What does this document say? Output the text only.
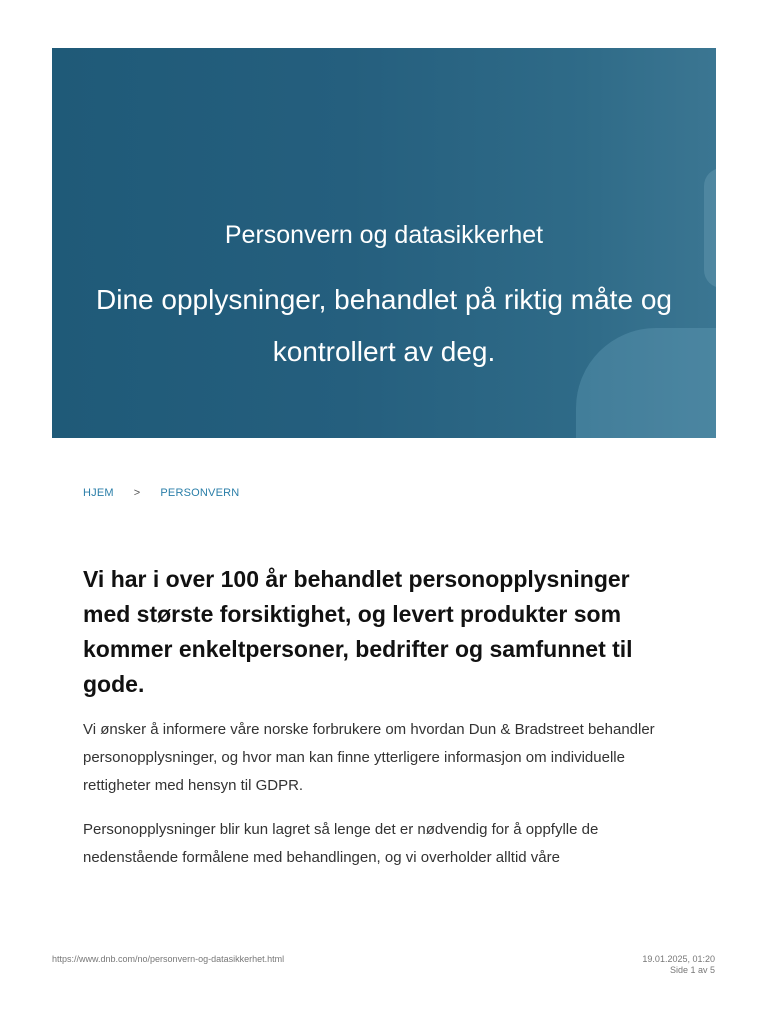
Personvern og datasikkerhet
Dine opplysninger, behandlet på riktig måte og kontrollert av deg.
HJEM > PERSONVERN
Vi har i over 100 år behandlet personopplysninger med største forsiktighet, og levert produkter som kommer enkeltpersoner, bedrifter og samfunnet til gode.

Vi ønsker å informere våre norske forbrukere om hvordan Dun & Bradstreet behandler personopplysninger, og hvor man kan finne ytterligere informasjon om individuelle rettigheter med hensyn til GDPR.

Personopplysninger blir kun lagret så lenge det er nødvendig for å oppfylle de nedenstående formålene med behandlingen, og vi overholder alltid våre

https://www.dnb.com/no/personvern-og-datasikkerhet.html	19.01.2025, 01:20
Side 1 av 5
